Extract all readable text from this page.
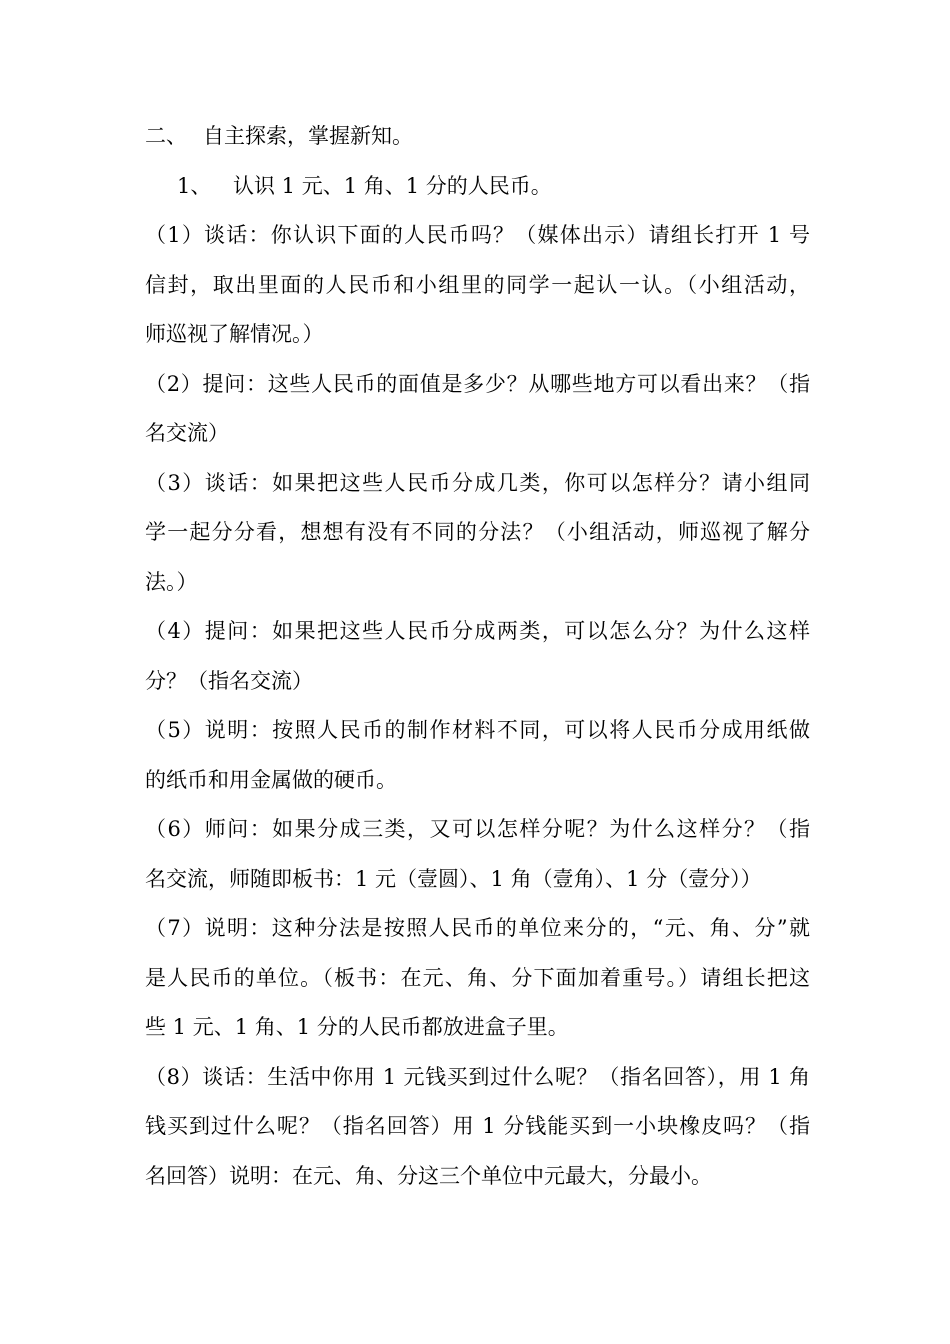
二、 自主探索，掌握新知。
1、 认识 1 元、1 角、1 分的人民币。
（1）谈话：你认识下面的人民币吗？（媒体出示）请组长打开 1 号
信封，取出里面的人民币和小组里的同学一起认一认。（小组活动，
师巡视了解情况。）
（2）提问：这些人民币的面值是多少？从哪些地方可以看出来？（指
名交流）
（3）谈话：如果把这些人民币分成几类，你可以怎样分？请小组同
学一起分分看，想想有没有不同的分法？（小组活动，师巡视了解分
法。）
（4）提问：如果把这些人民币分成两类，可以怎么分？为什么这样
分？（指名交流）
（5）说明：按照人民币的制作材料不同，可以将人民币分成用纸做
的纸币和用金属做的硬币。
（6）师问：如果分成三类，又可以怎样分呢？为什么这样分？（指
名交流，师随即板书：1 元（壹圆）、1 角（壹角）、1 分（壹分））
（7）说明：这种分法是按照人民币的单位来分的，“元、角、分”就
是人民币的单位。（板书：在元、角、分下面加着重号。）请组长把这
些 1 元、1 角、1 分的人民币都放进盒子里。
（8）谈话：生活中你用 1 元钱买到过什么呢？（指名回答），用 1 角
钱买到过什么呢？（指名回答）用 1 分钱能买到一小块橡皮吗？（指
名回答）说明：在元、角、分这三个单位中元最大，分最小。
